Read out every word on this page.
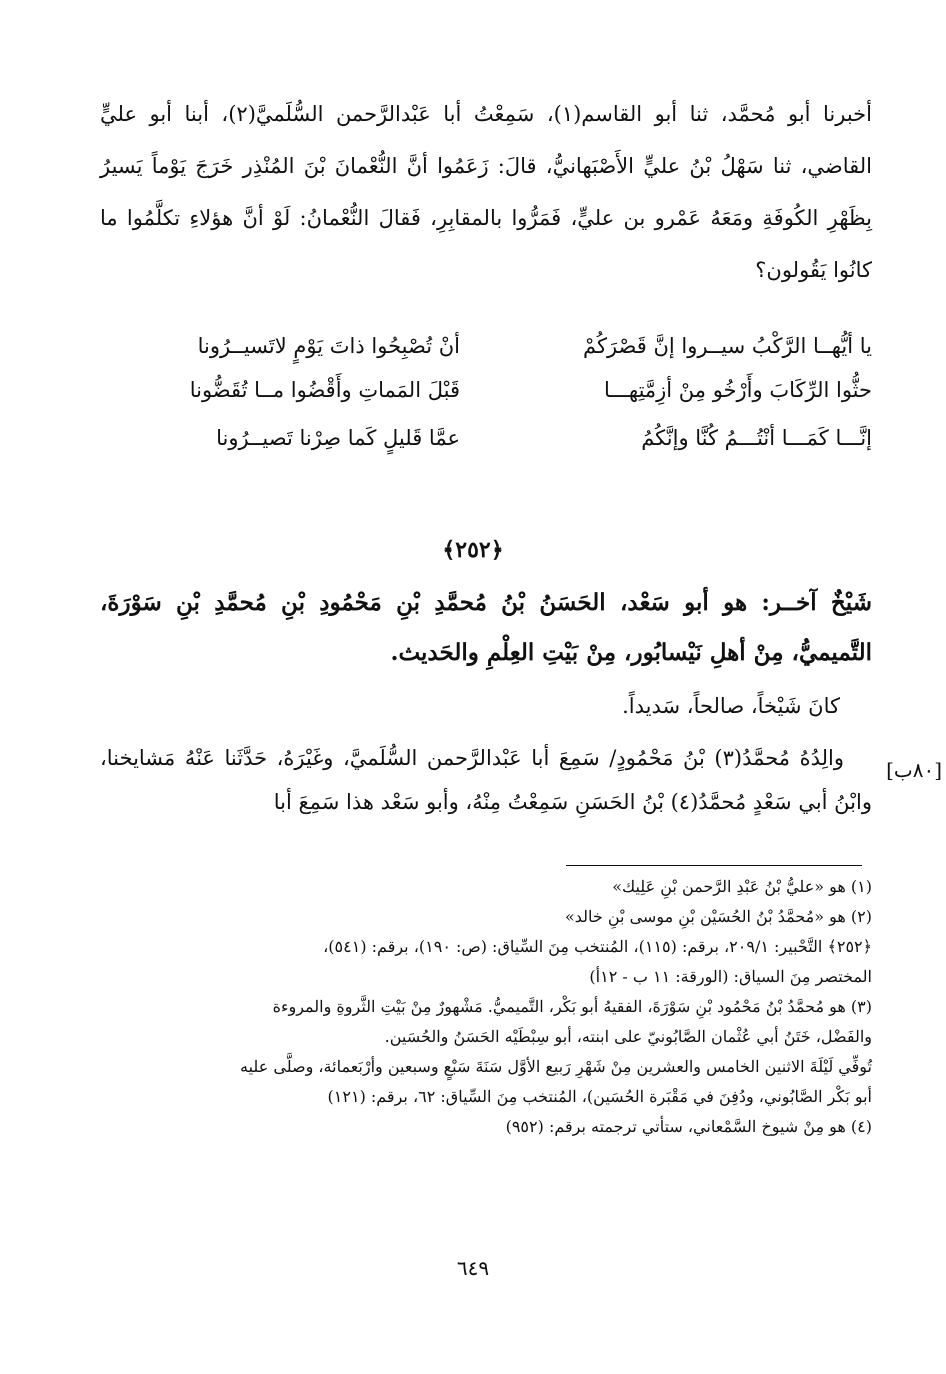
أخبرنا أبو مُحمَّد، ثنا أبو القاسم(١)، سَمِعْتُ أبا عَبْدالرَّحمن السُّلَميَّ(٢)، أبنا أبو عليٍّ القاضي، ثنا سَهْلُ بْنُ عليٍّ الأَصْبَهانيُّ، قالَ: زَعَمُوا أنَّ النُّعْمانَ بْنَ المُنْذِر خَرَجَ يَوْماً يَسيرُ بِظَهْرِ الكُوفَةِ ومَعَهُ عَمْرو بن عليٍّ، فَمَرُّوا بالمقابِرِ، فَقالَ النُّعْمانُ: لَوْ أنَّ هؤلاءِ تكلَّمُوا ما كانُوا يَقُولون؟

يا أيُّهــا الرَّكْبُ سيــروا إنَّ قَصْرَكُمْ
أنْ تُصْبِحُوا ذاتَ يَوْمٍ لاتَسيــرُونا
حثُّوا الرِّكَابَ وأَرْخُو مِنْ أزِمَّتِهـــا
قَبْلَ المَماتِ وأَقْضُوا مــا تُقَضُّونا
إنَّـــا كَمَـــا أنْتُـــمُ كُنَّا وإنَّكُمُ
عمَّا قَليلٍ كَما صِرْنا تَصيــرُونا
﴿٢٥٢﴾

شَيْخٌ آخــر: هو أبو سَعْد، الحَسَنُ بْنُ مُحمَّدِ بْنِ مَحْمُودِ بْنِ مُحمَّدِ بْنِ سَوْرَةَ، التَّميميُّ، مِنْ أهلِ نَيْسابُور، مِنْ بَيْتِ العِلْمِ والحَديث.

كانَ شَيْخاً، صالحاً، سَديداً.

والِدُهُ مُحمَّدُ(٣) بْنُ مَحْمُودٍ/ سَمِعَ أبا عَبْدالرَّحمن السُّلَميَّ، وغَيْرَهُ، حَدَّثَنا عَنْهُ مَشايخنا، وابْنُ أبي سَعْدٍ مُحمَّدُ(٤) بْنُ الحَسَنِ سَمِعْتُ مِنْهُ، وأبو سَعْد هذا سَمِعَ أبا

[٨٠ب]

(١) هو «عليُّ بْنُ عَبْدِ الرَّحمن بْنِ عَلِيك»

(٢) هو «مُحمَّدُ بْنُ الحُسَيْن بْنِ موسى بْنِ خالد»

﴿٢٥٢﴾ التَّحْبير: ٢٠٩/١، برقم: (١١٥)، المُنتخب مِنَ السِّياق: (ص: ١٩٠)، برقم: (٥٤١)،
المختصر مِنَ السياق: (الورقة: ١١ ب - ١٢أ)

(٣) هو مُحمَّدُ بْنُ مَحْمُود بْنِ سَوْرَةَ، الفقيهُ أبو بَكْر، التَّميميُّ. مَشْهورٌ مِنْ بَيْتِ الثَّروةِ والمروءة
والفَضْل، خَتَنُ أبي عُثْمان الصَّابُونيّ على ابنته، أبو سِبْطَيْه الحَسَنُ والحُسَين.
تُوفِّي لَيْلَةَ الاثنين الخامس والعشرين مِنْ شَهْرِ رَبيع الأوَّل سَنَةَ سَبْعٍ وسبعين وأرْبَعمائة، وصلَّى عليه
أبو بَكْر الصَّابُوني، ودُفِنَ في مَقْبَرة الحُسَين)، المُنتخب مِنَ السِّياق: ٦٢، برقم: (١٢١)

(٤) هو مِنْ شيوخ السَّمْعاني، ستأتي ترجمته برقم: (٩٥٢)

٦٤٩
